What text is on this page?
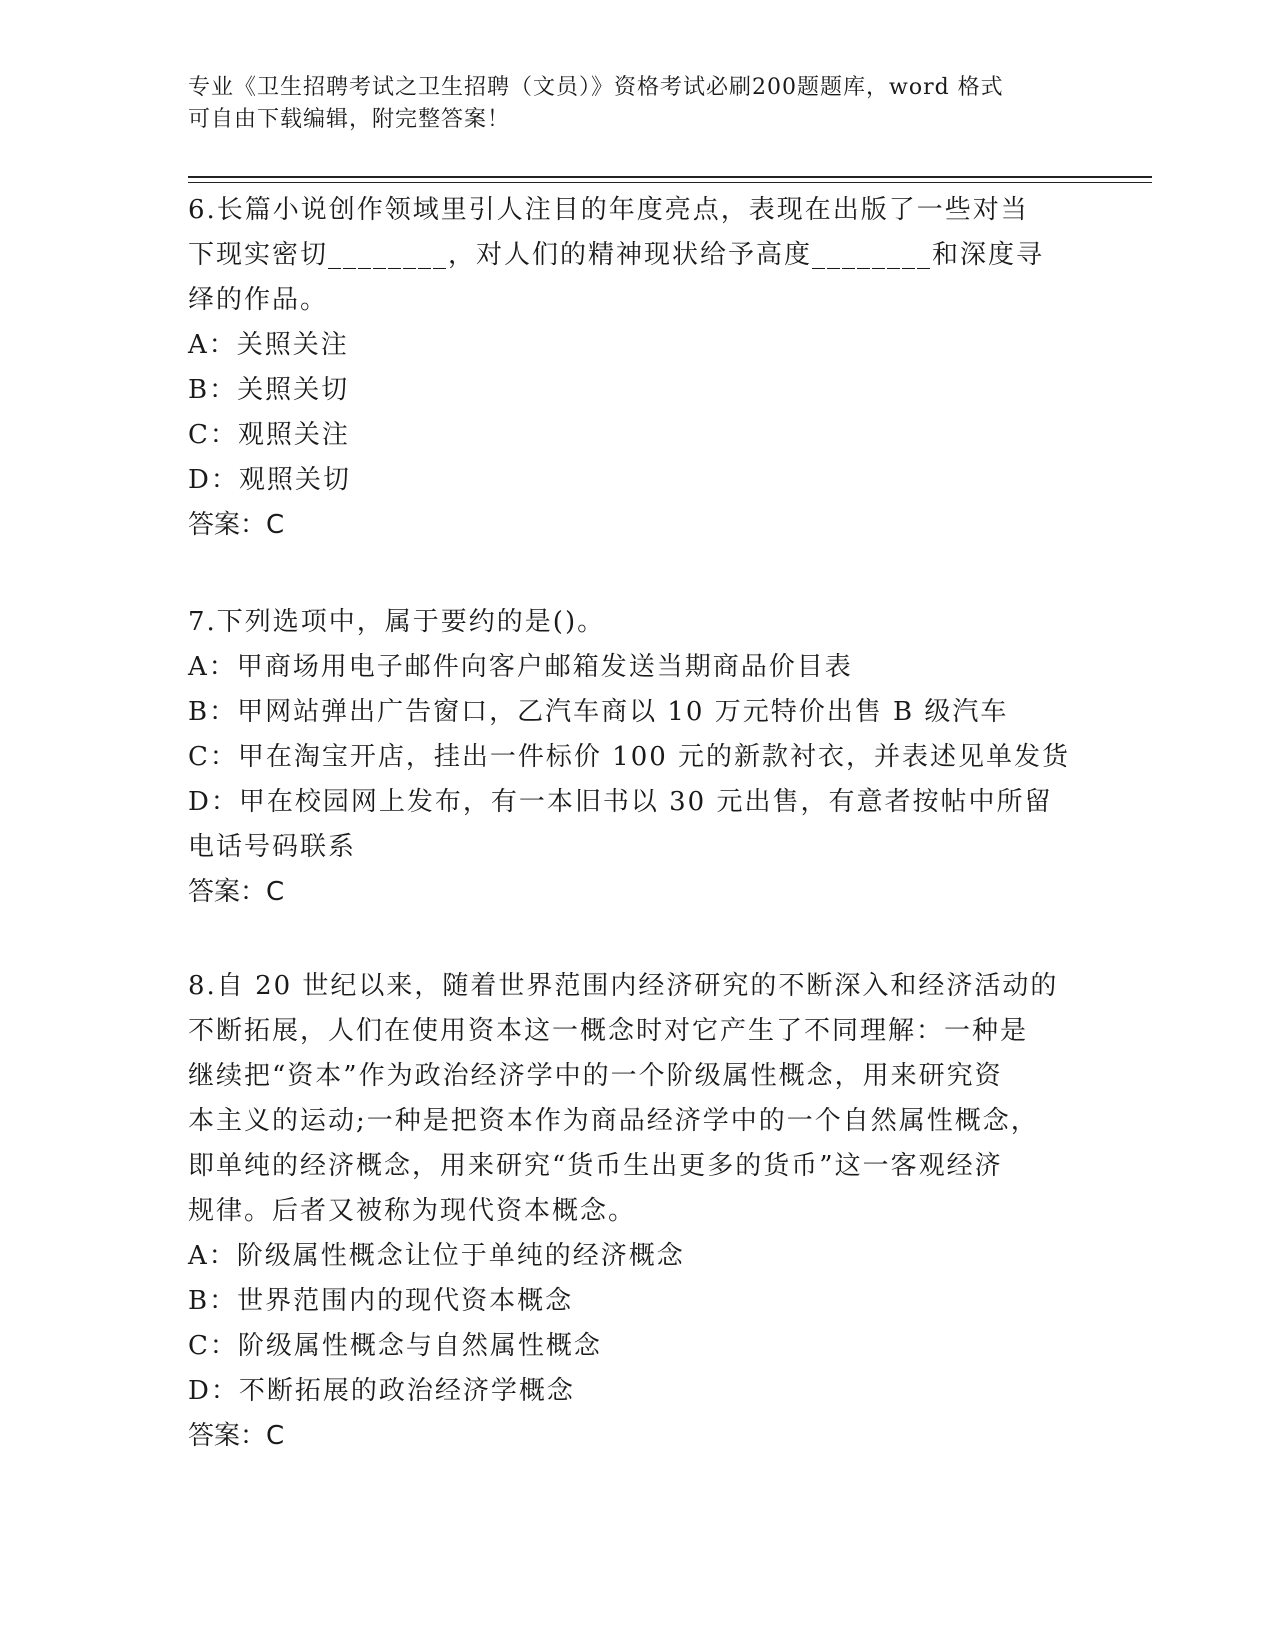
专业《卫生招聘考试之卫生招聘（文员）》资格考试必刷200题题库，word 格式
可自由下载编辑，附完整答案！
6.长篇小说创作领域里引人注目的年度亮点，表现在出版了一些对当
下现实密切________，对人们的精神现状给予高度________和深度寻
绎的作品。
A：关照关注
B：关照关切
C：观照关注
D：观照关切
答案：C
7.下列选项中，属于要约的是()。
A：甲商场用电子邮件向客户邮箱发送当期商品价目表
B：甲网站弹出广告窗口，乙汽车商以 10 万元特价出售 B 级汽车
C：甲在淘宝开店，挂出一件标价 100 元的新款衬衣，并表述见单发货
D：甲在校园网上发布，有一本旧书以 30 元出售，有意者按帖中所留
电话号码联系
答案：C
8.自 20 世纪以来，随着世界范围内经济研究的不断深入和经济活动的
不断拓展，人们在使用资本这一概念时对它产生了不同理解：一种是
继续把“资本”作为政治经济学中的一个阶级属性概念，用来研究资
本主义的运动;一种是把资本作为商品经济学中的一个自然属性概念，
即单纯的经济概念，用来研究“货币生出更多的货币”这一客观经济
规律。后者又被称为现代资本概念。
A：阶级属性概念让位于单纯的经济概念
B：世界范围内的现代资本概念
C：阶级属性概念与自然属性概念
D：不断拓展的政治经济学概念
答案：C
